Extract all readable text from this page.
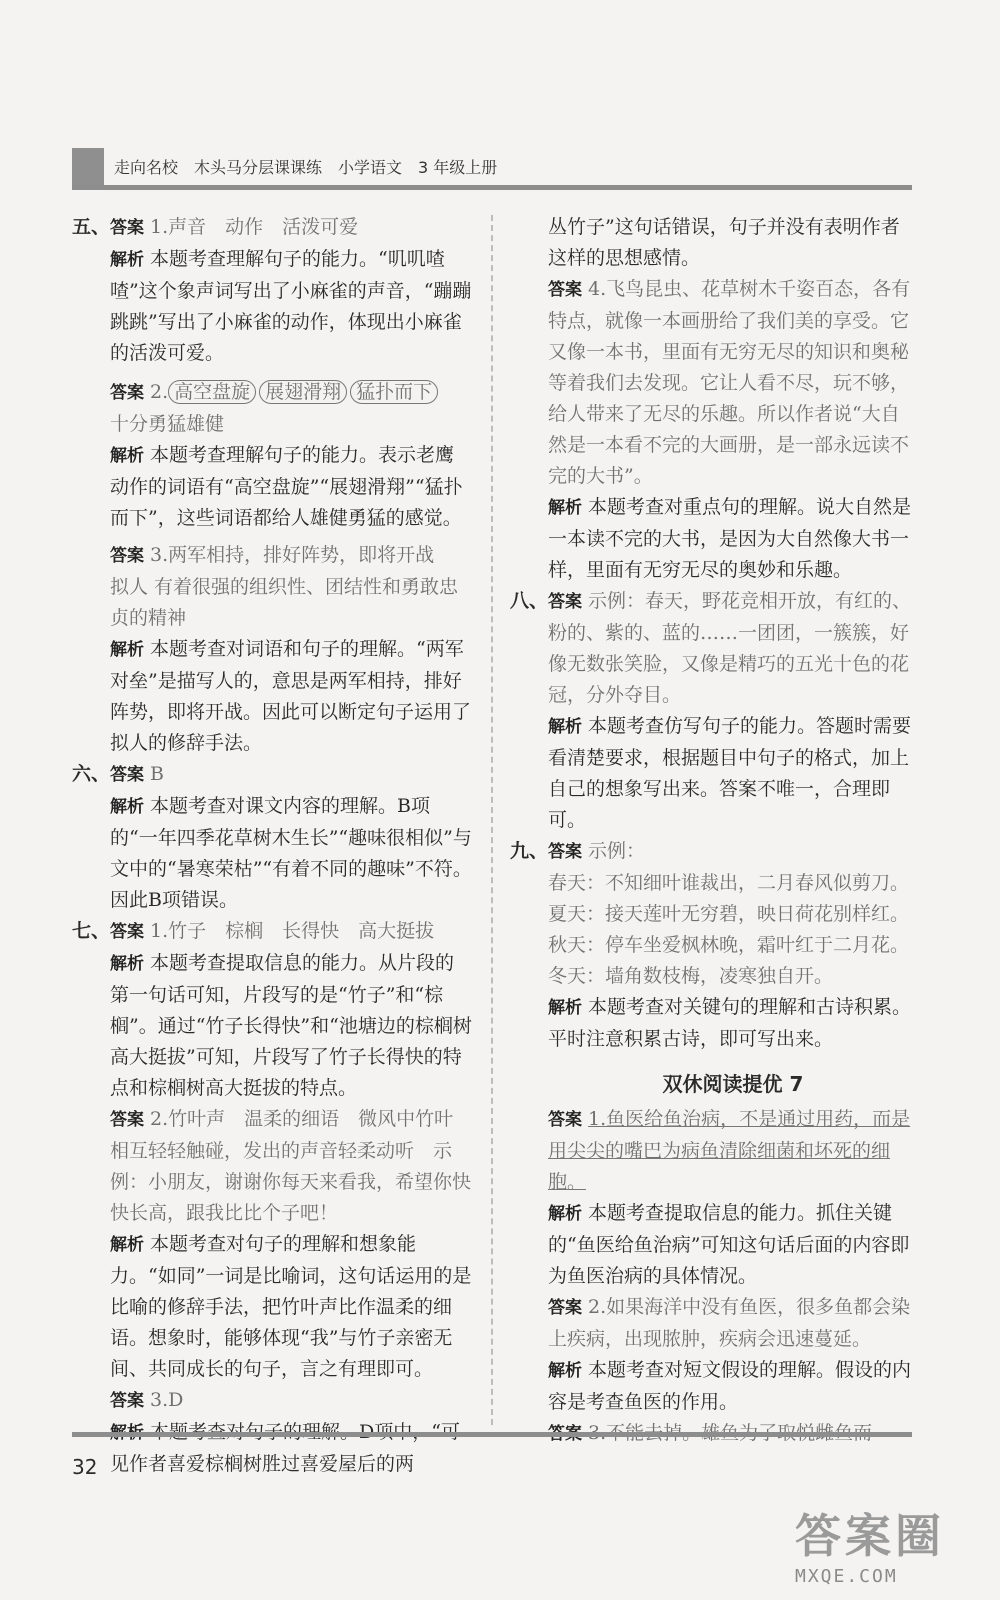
走向名校　木头马分层课课练　小学语文　3 年级上册
五、 答案 1.声音　动作　活泼可爱
解析 本题考查理解句子的能力。“叽叽喳喳”这个象声词写出了小麻雀的声音，“蹦蹦跳跳”写出了小麻雀的动作，体现出小麻雀的活泼可爱。
答案 2. 高空盘旋 展翅滑翔 猛扑而下
十分勇猛雄健
解析 本题考查理解句子的能力。表示老鹰动作的词语有“高空盘旋”“展翅滑翔”“猛扑而下”，这些词语都给人雄健勇猛的感觉。
答案 3.两军相持，排好阵势，即将开战　拟人 有着很强的组织性、团结性和勇敢忠贞的精神
解析 本题考查对词语和句子的理解。“两军对垒”是描写人的，意思是两军相持，排好阵势，即将开战。因此可以断定句子运用了拟人的修辞手法。
六、 答案 B
解析 本题考查对课文内容的理解。B项的“一年四季花草树木生长”“趣味很相似”与文中的“暑寒荣枯”“有着不同的趣味”不符。因此B项错误。
七、 答案 1.竹子　棕榈　长得快　高大挺拔
解析 本题考查提取信息的能力。从片段的第一句话可知，片段写的是“竹子”和“棕榈”。通过“竹子长得快”和“池塘边的棕榈树高大挺拔”可知，片段写了竹子长得快的特点和棕榈树高大挺拔的特点。
答案 2.竹叶声　温柔的细语　微风中竹叶相互轻轻触碰，发出的声音轻柔动听　示例：小朋友，谢谢你每天来看我，希望你快快长高，跟我比比个子吧！
解析 本题考查对句子的理解和想象能力。“如同”一词是比喻词，这句话运用的是比喻的修辞手法，把竹叶声比作温柔的细语。想象时，能够体现“我”与竹子亲密无间、共同成长的句子，言之有理即可。
答案 3.D
见作者喜爱棕榈树胜过喜爱屋后的两
丛竹子”这句话错误，句子并没有表明作者这样的思想感情。
答案 4.飞鸟昆虫、花草树木千姿百态，各有特点，就像一本画册给了我们美的享受。它又像一本书，里面有无穷无尽的知识和奥秘等着我们去发现。它让人看不尽，玩不够，给人带来了无尽的乐趣。所以作者说“大自然是一本看不完的大画册，是一部永远读不完的大书”。
解析 本题考查对重点句的理解。说大自然是一本读不完的大书，是因为大自然像大书一样，里面有无穷无尽的奥妙和乐趣。
八、 答案 示例：春天，野花竞相开放，有红的、粉的、紫的、蓝的……一团团，一簇簇，好像无数张笑脸，又像是精巧的五光十色的花冠，分外夺目。
解析 本题考查仿写句子的能力。答题时需要看清楚要求，根据题目中句子的格式，加上自己的想象写出来。答案不唯一，合理即可。
九、 答案 示例：
春天：不知细叶谁裁出，二月春风似剪刀。
夏天：接天莲叶无穷碧，映日荷花别样红。
秋天：停车坐爱枫林晚，霜叶红于二月花。
冬天：墙角数枝梅，凌寒独自开。
解析 本题考查对关键句的理解和古诗积累。平时注意积累古诗，即可写出来。
双休阅读提优 7
答案 1.鱼医给鱼治病，不是通过用药，而是用尖尖的嘴巴为病鱼清除细菌和坏死的细胞。
解析 本题考查提取信息的能力。抓住关键的“鱼医给鱼治病”可知这句话后面的内容即为鱼医治病的具体情况。
答案 2.如果海洋中没有鱼医，很多鱼都会染上疾病，出现脓肿，疾病会迅速蔓延。
解析 本题考查对短文假设的理解。假设的内容是考查鱼医的作用。
32
答案圈
MXQE.COM
